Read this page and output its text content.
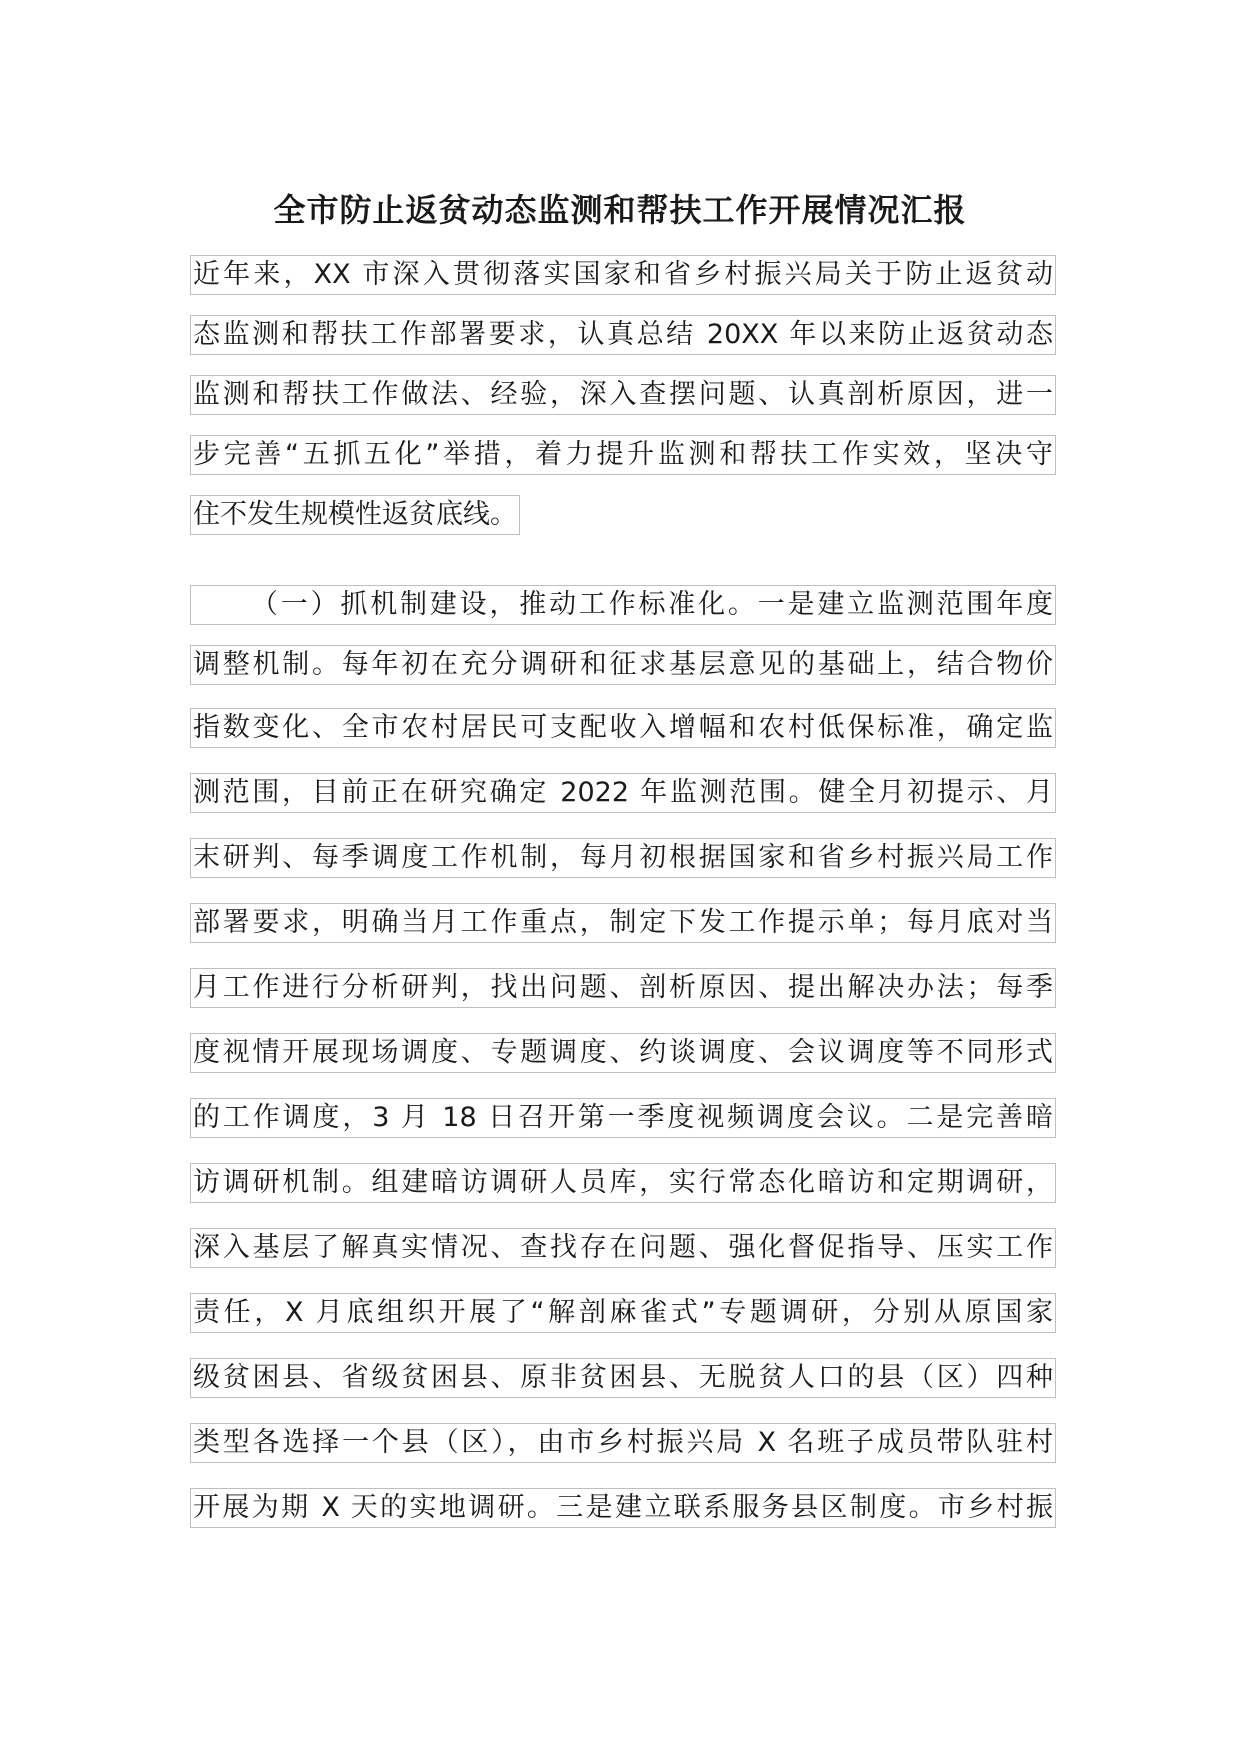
全市防止返贫动态监测和帮扶工作开展情况汇报
近年来，XX 市深入贯彻落实国家和省乡村振兴局关于防止返贫动
态监测和帮扶工作部署要求，认真总结 20XX 年以来防止返贫动态
监测和帮扶工作做法、经验，深入查摆问题、认真剖析原因，进一
步完善“五抓五化”举措，着力提升监测和帮扶工作实效，坚决守
住不发生规模性返贫底线。
（一）抓机制建设，推动工作标准化。一是建立监测范围年度
调整机制。每年初在充分调研和征求基层意见的基础上，结合物价
指数变化、全市农村居民可支配收入增幅和农村低保标准，确定监
测范围，目前正在研究确定 2022 年监测范围。健全月初提示、月
末研判、每季调度工作机制，每月初根据国家和省乡村振兴局工作
部署要求，明确当月工作重点，制定下发工作提示单；每月底对当
月工作进行分析研判，找出问题、剖析原因、提出解决办法；每季
度视情开展现场调度、专题调度、约谈调度、会议调度等不同形式
的工作调度，3 月 18 日召开第一季度视频调度会议。二是完善暗
访调研机制。组建暗访调研人员库，实行常态化暗访和定期调研，
深入基层了解真实情况、查找存在问题、强化督促指导、压实工作
责任，X 月底组织开展了“解剖麻雀式”专题调研，分别从原国家
级贫困县、省级贫困县、原非贫困县、无脱贫人口的县（区）四种
类型各选择一个县（区），由市乡村振兴局 X 名班子成员带队驻村
开展为期 X 天的实地调研。三是建立联系服务县区制度。市乡村振
